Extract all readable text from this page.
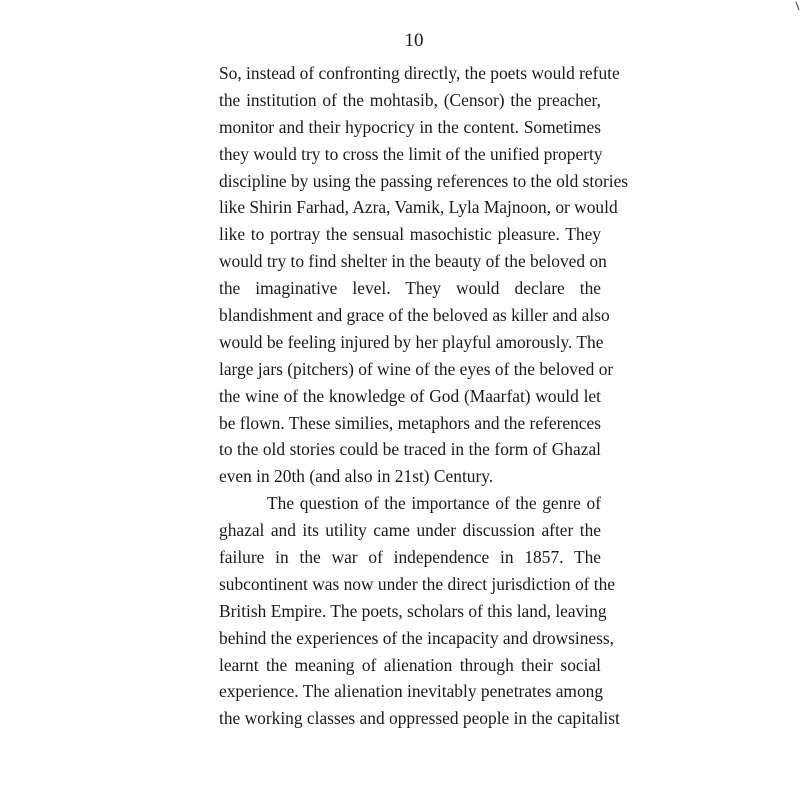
10
So, instead of confronting directly, the poets would refute
the institution of the mohtasib, (Censor) the preacher,
monitor and their hypocricy in the content. Sometimes
they would try to cross the limit of the unified property
discipline by using the passing references to the old stories
like Shirin Farhad, Azra, Vamik, Lyla Majnoon, or would
like to portray the sensual masochistic pleasure. They
would try to find shelter in the beauty of the beloved on
the imaginative level. They would declare the
blandishment and grace of the beloved as killer and also
would be feeling injured by her playful amorously. The
large jars (pitchers) of wine of the eyes of the beloved or
the wine of the knowledge of God (Maarfat) would let
be flown. These similies, metaphors and the references
to the old stories could be traced in the form of Ghazal
even in 20th (and also in 21st) Century.
The question of the importance of the genre of
ghazal and its utility came under discussion after the
failure in the war of independence in 1857. The
subcontinent was now under the direct jurisdiction of the
British Empire. The poets, scholars of this land, leaving
behind the experiences of the incapacity and drowsiness,
learnt the meaning of alienation through their social
experience. The alienation inevitably penetrates among
the working classes and oppressed people in the capitalist
